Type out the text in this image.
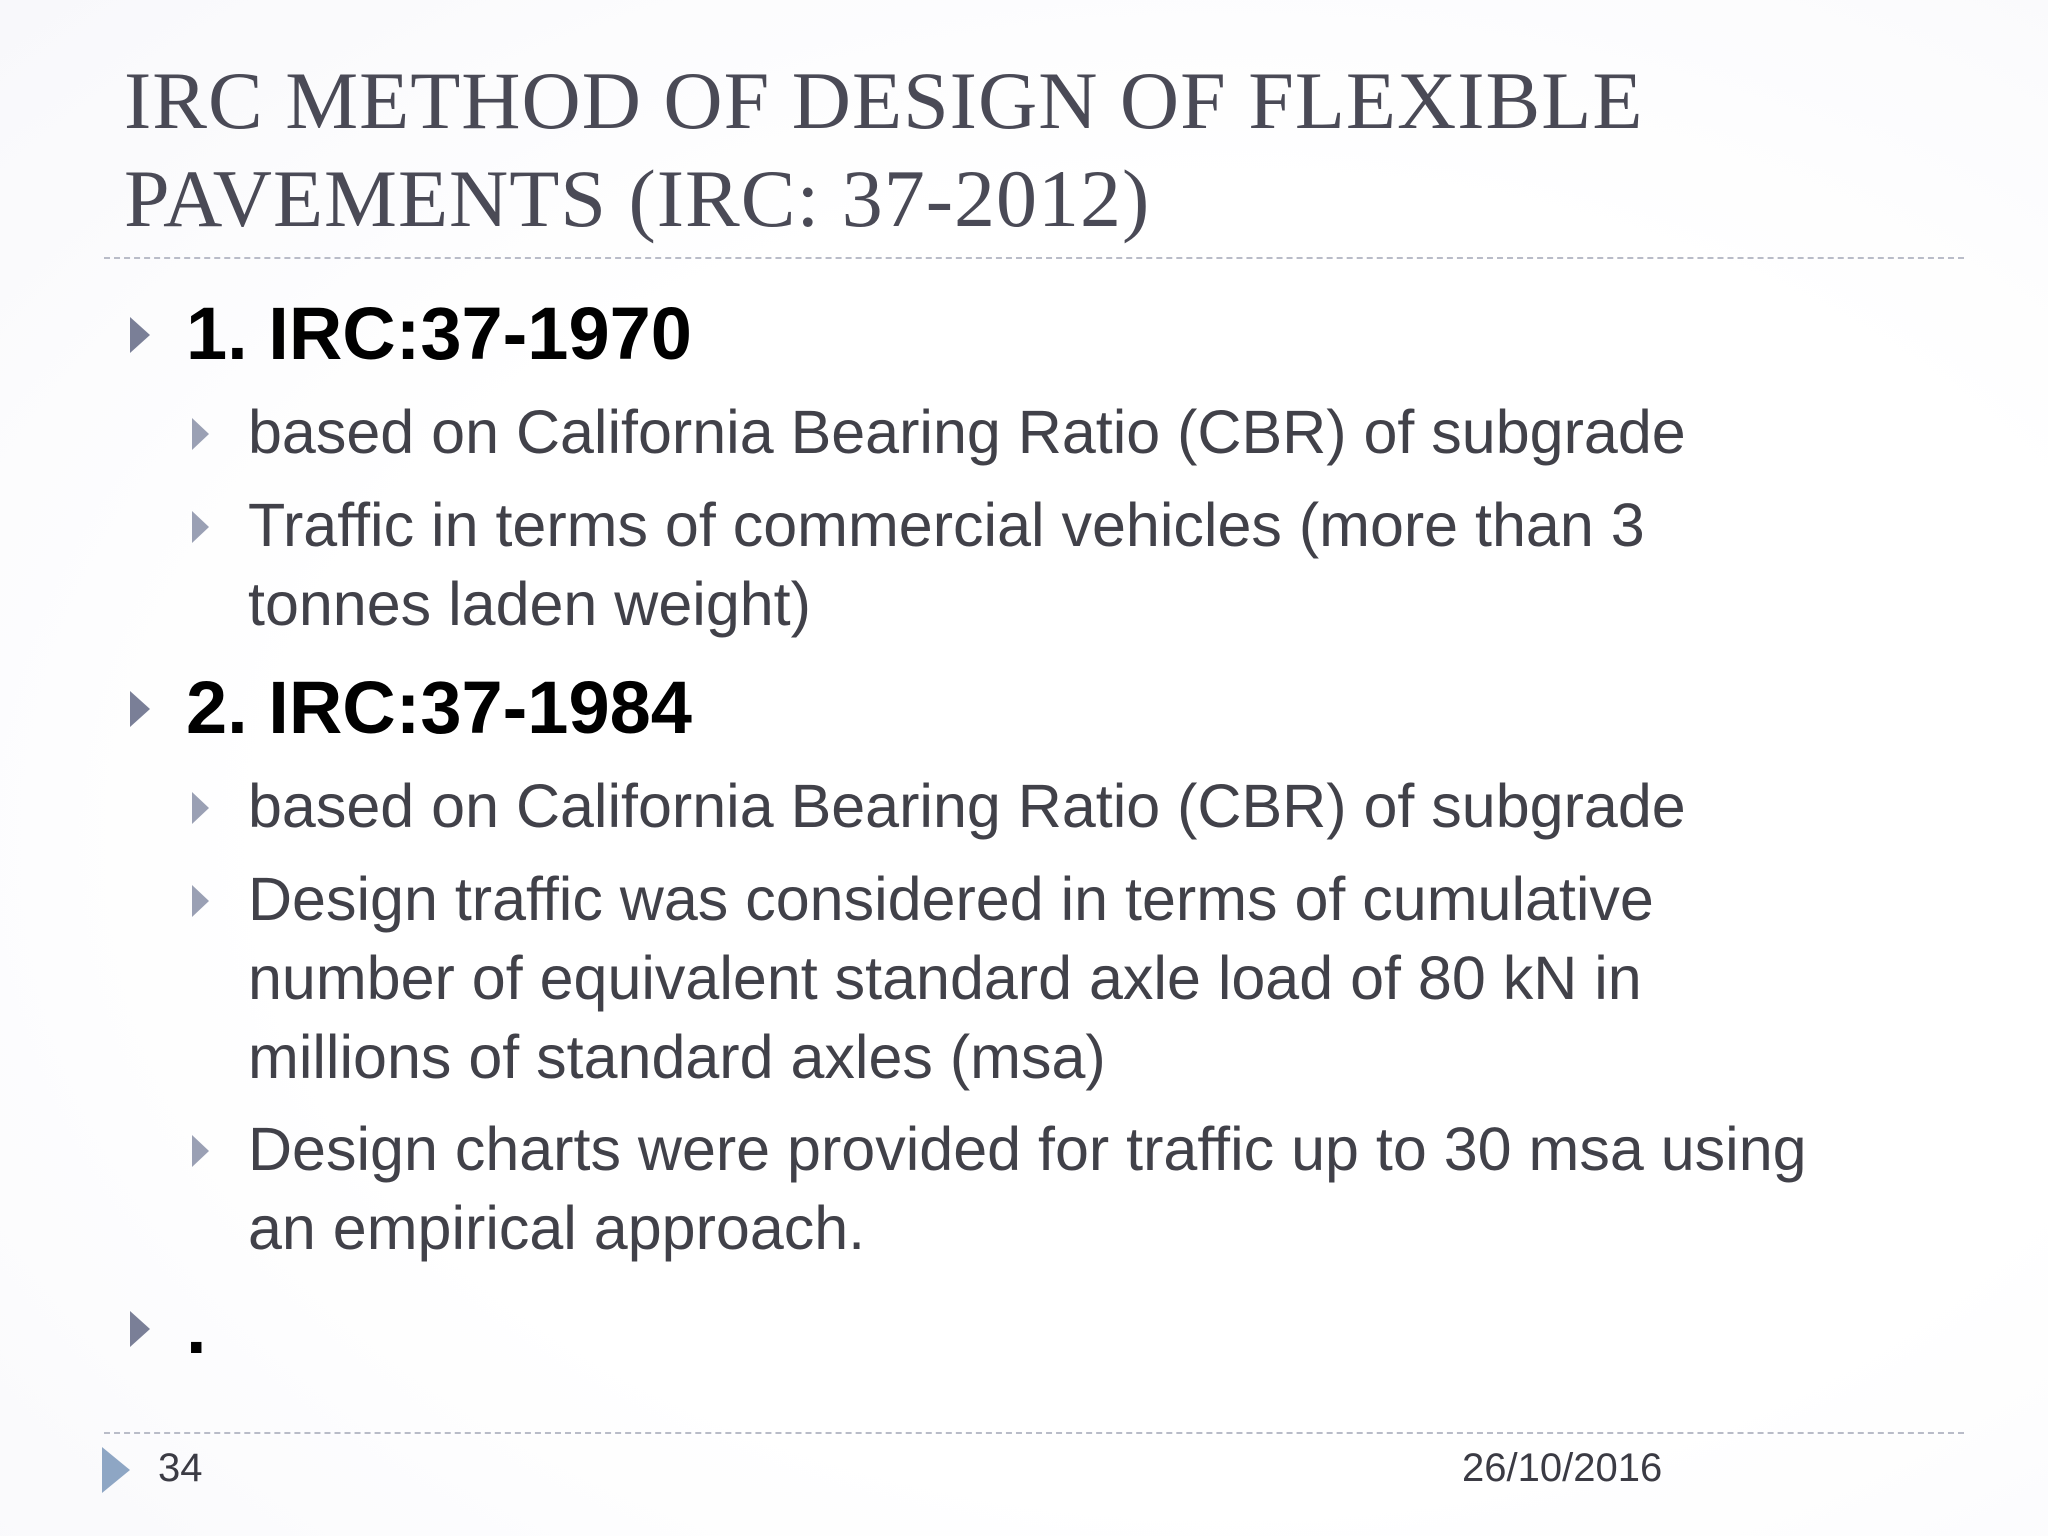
IRC METHOD OF DESIGN OF FLEXIBLE
PAVEMENTS (IRC: 37-2012)
1. IRC:37-1970
based on California Bearing Ratio (CBR) of subgrade
Traffic in terms of commercial vehicles (more than 3
tonnes laden weight)
2. IRC:37-1984
based on California Bearing Ratio (CBR) of subgrade
Design traffic was considered in terms of cumulative
number of equivalent standard axle load of 80 kN in
millions of standard axles (msa)
Design charts were provided for traffic up to 30 msa using
an empirical approach.
.
34	26/10/2016
